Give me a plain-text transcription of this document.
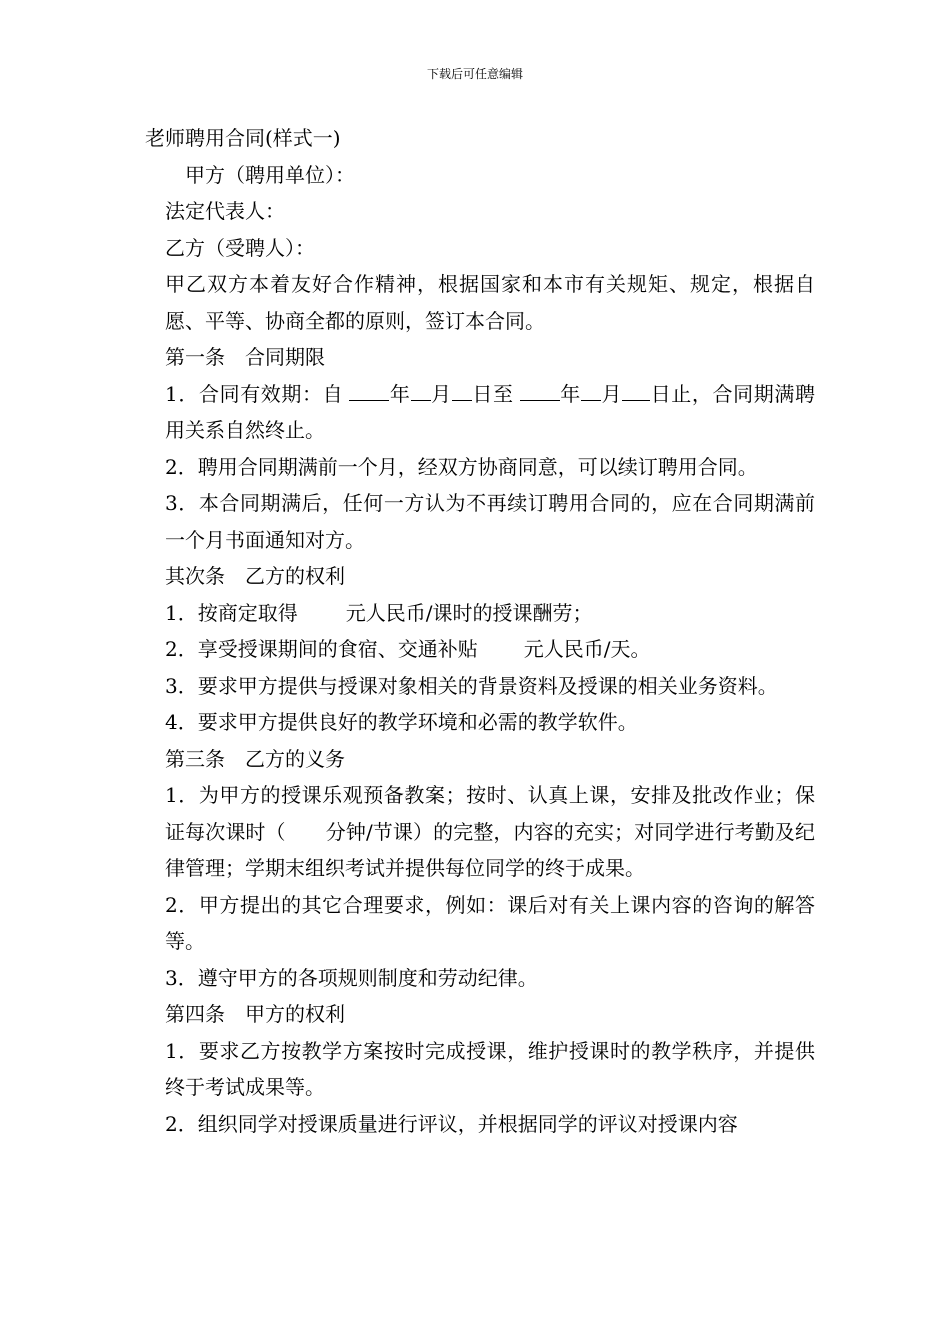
下载后可任意编辑

老师聘用合同(样式一)

甲方（聘用单位）：

法定代表人：

乙方（受聘人）：

甲乙双方本着友好合作精神，根据国家和本市有关规矩、规定，根据自愿、平等、协商全都的原则，签订本合同。

第一条　合同期限

1．合同有效期：自 年 月 日至 年 月 日止，合同期满聘用关系自然终止。

2．聘用合同期满前一个月，经双方协商同意，可以续订聘用合同。

3．本合同期满后，任何一方认为不再续订聘用合同的，应在合同期满前一个月书面通知对方。

其次条　乙方的权利

1．按商定取得 元人民币/课时的授课酬劳；

2．享受授课期间的食宿、交通补贴 元人民币/天。

3．要求甲方提供与授课对象相关的背景资料及授课的相关业务资料。

4．要求甲方提供良好的教学环境和必需的教学软件。

第三条　乙方的义务

1．为甲方的授课乐观预备教案；按时、认真上课，安排及批改作业；保证每次课时（ 分钟/节课）的完整，内容的充实；对同学进行考勤及纪律管理；学期末组织考试并提供每位同学的终于成果。

2．甲方提出的其它合理要求，例如：课后对有关上课内容的咨询的解答等。

3．遵守甲方的各项规则制度和劳动纪律。

第四条　甲方的权利

1．要求乙方按教学方案按时完成授课，维护授课时的教学秩序，并提供终于考试成果等。

2．组织同学对授课质量进行评议，并根据同学的评议对授课内容
